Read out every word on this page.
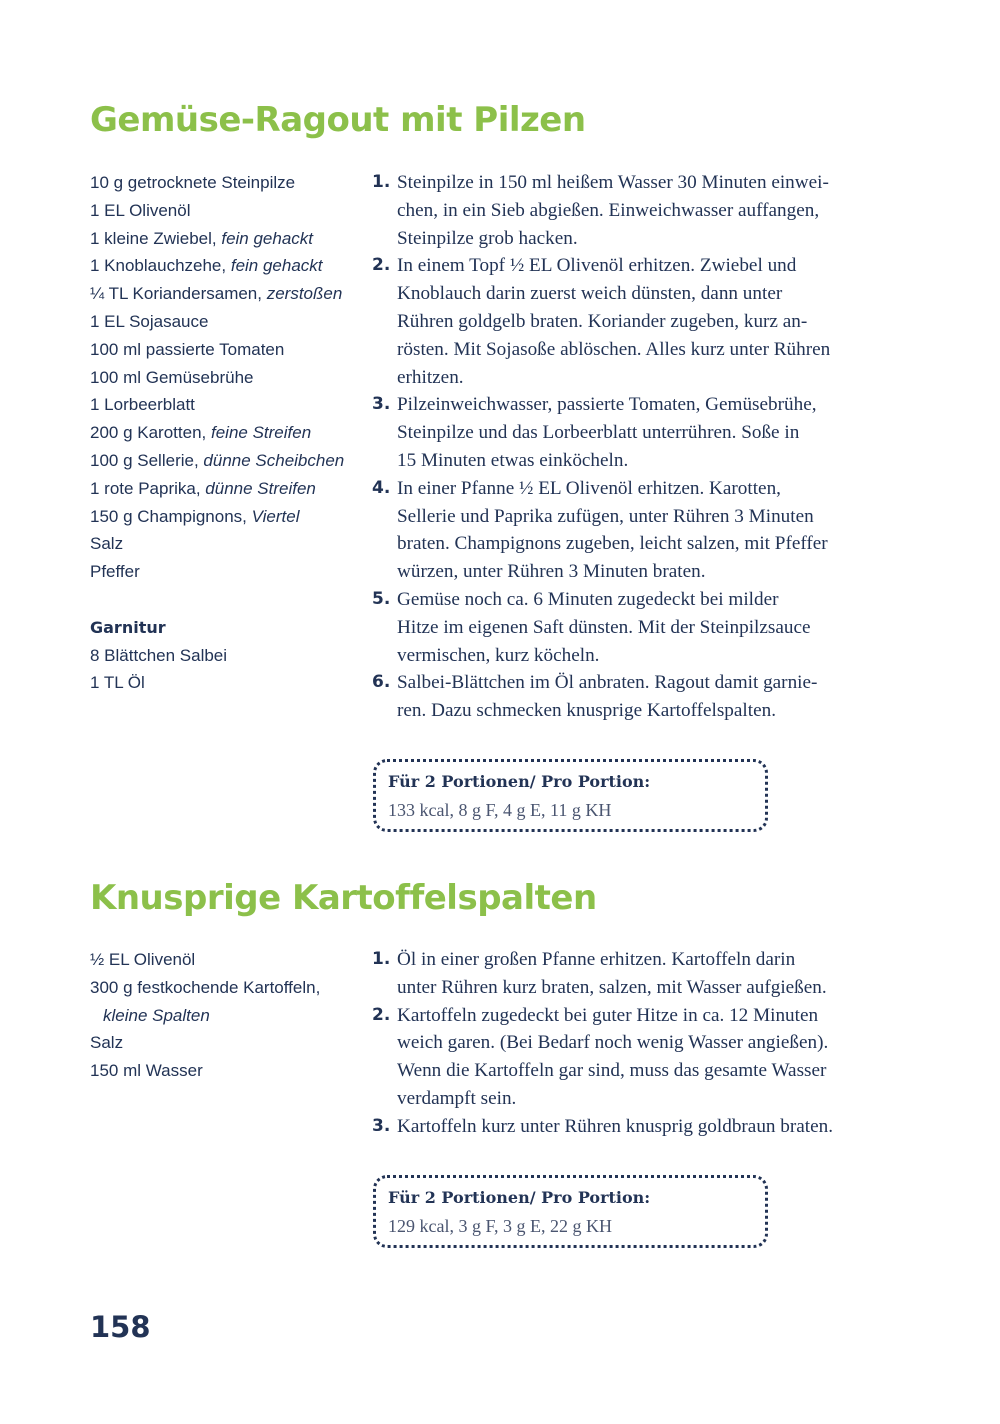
Gemüse-Ragout mit Pilzen
10 g getrocknete Steinpilze
1 EL Olivenöl
1 kleine Zwiebel, fein gehackt
1 Knoblauchzehe, fein gehackt
¼ TL Koriandersamen, zerstoßen
1 EL Sojasauce
100 ml passierte Tomaten
100 ml Gemüsebrühe
1 Lorbeerblatt
200 g Karotten, feine Streifen
100 g Sellerie, dünne Scheibchen
1 rote Paprika, dünne Streifen
150 g Champignons, Viertel
Salz
Pfeffer
Garnitur
8 Blättchen Salbei
1 TL Öl
1. Steinpilze in 150 ml heißem Wasser 30 Minuten einwei-
chen, in ein Sieb abgießen. Einweichwasser auffangen,
Steinpilze grob hacken.
2. In einem Topf ½ EL Olivenöl erhitzen. Zwiebel und
Knoblauch darin zuerst weich dünsten, dann unter
Rühren goldgelb braten. Koriander zugeben, kurz an-
rösten. Mit Sojasoße ablöschen. Alles kurz unter Rühren
erhitzen.
3. Pilzeinweichwasser, passierte Tomaten, Gemüsebrühe,
Steinpilze und das Lorbeerblatt unterrühren. Soße in
15 Minuten etwas einköcheln.
4. In einer Pfanne ½ EL Olivenöl erhitzen. Karotten,
Sellerie und Paprika zufügen, unter Rühren 3 Minuten
braten. Champignons zugeben, leicht salzen, mit Pfeffer
würzen, unter Rühren 3 Minuten braten.
5. Gemüse noch ca. 6 Minuten zugedeckt bei milder
Hitze im eigenen Saft dünsten. Mit der Steinpilzsauce
vermischen, kurz köcheln.
6. Salbei-Blättchen im Öl anbraten. Ragout damit garnie-
ren. Dazu schmecken knusprige Kartoffelspalten.
Für 2 Portionen/ Pro Portion:
133 kcal, 8 g F, 4 g E, 11 g KH
Knusprige Kartoffelspalten
½ EL Olivenöl
300 g festkochende Kartoffeln,
kleine Spalten
Salz
150 ml Wasser
1. Öl in einer großen Pfanne erhitzen. Kartoffeln darin
unter Rühren kurz braten, salzen, mit Wasser aufgießen.
2. Kartoffeln zugedeckt bei guter Hitze in ca. 12 Minuten
weich garen. (Bei Bedarf noch wenig Wasser angießen).
Wenn die Kartoffeln gar sind, muss das gesamte Wasser
verdampft sein.
3. Kartoffeln kurz unter Rühren knusprig goldbraun braten.
Für 2 Portionen/ Pro Portion:
129 kcal, 3 g F, 3 g E, 22 g KH
158
